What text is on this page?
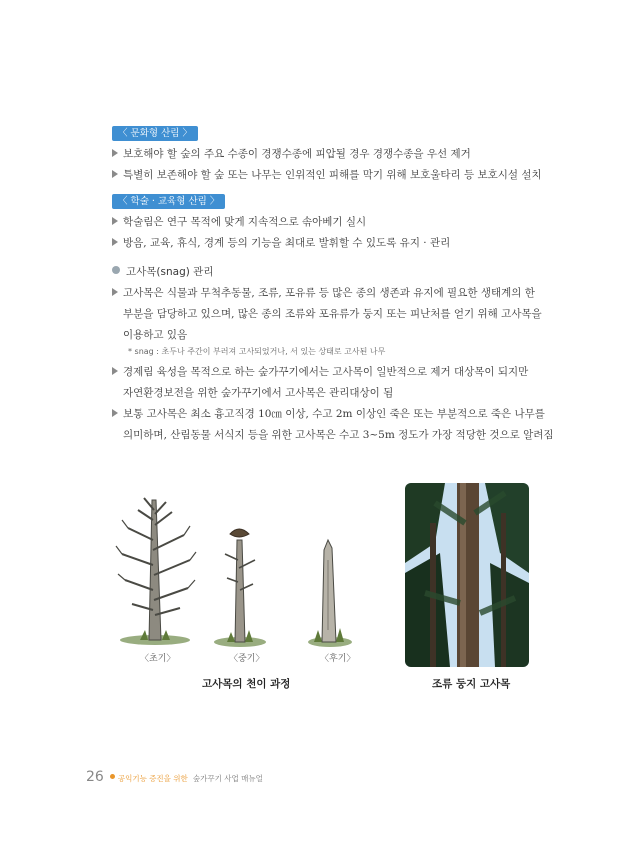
〈 문화형 산림 〉
보호해야 할 숲의 주요 수종이 경쟁수종에 피압될 경우 경쟁수종을 우선 제거
특별히 보존해야 할 숲 또는 나무는 인위적인 피해를 막기 위해 보호울타리 등 보호시설 설치
〈 학술 · 교육형 산림 〉
학술림은 연구 목적에 맞게 지속적으로 솎아베기 실시
방음, 교육, 휴식, 경계 등의 기능을 최대로 발휘할 수 있도록 유지 · 관리
고사목(snag) 관리
고사목은 식물과 무척추동물, 조류, 포유류 등 많은 종의 생존과 유지에 필요한 생태계의 한
부분을 담당하고 있으며, 많은 종의 조류와 포유류가 둥지 또는 피난처를 얻기 위해 고사목을
이용하고 있음
* snag : 초두나 주간이 부러져 고사되었거나, 서 있는 상태로 고사된 나무
경제림 육성을 목적으로 하는 숲가꾸기에서는 고사목이 일반적으로 제거 대상목이 되지만
자연환경보전을 위한 숲가꾸기에서 고사목은 관리대상이 됨
보통 고사목은 최소 흉고직경 10㎝ 이상, 수고 2m 이상인 죽은 또는 부분적으로 죽은 나무를
의미하며, 산림동물 서식지 등을 위한 고사목은 수고 3~5m 정도가 가장 적당한 것으로 알려짐
〈초기〉	〈중기〉	〈후기〉
고사목의 천이 과정	조류 둥지 고사목
26 공익기능 증진을 위한 숲가꾸기 사업 매뉴얼
